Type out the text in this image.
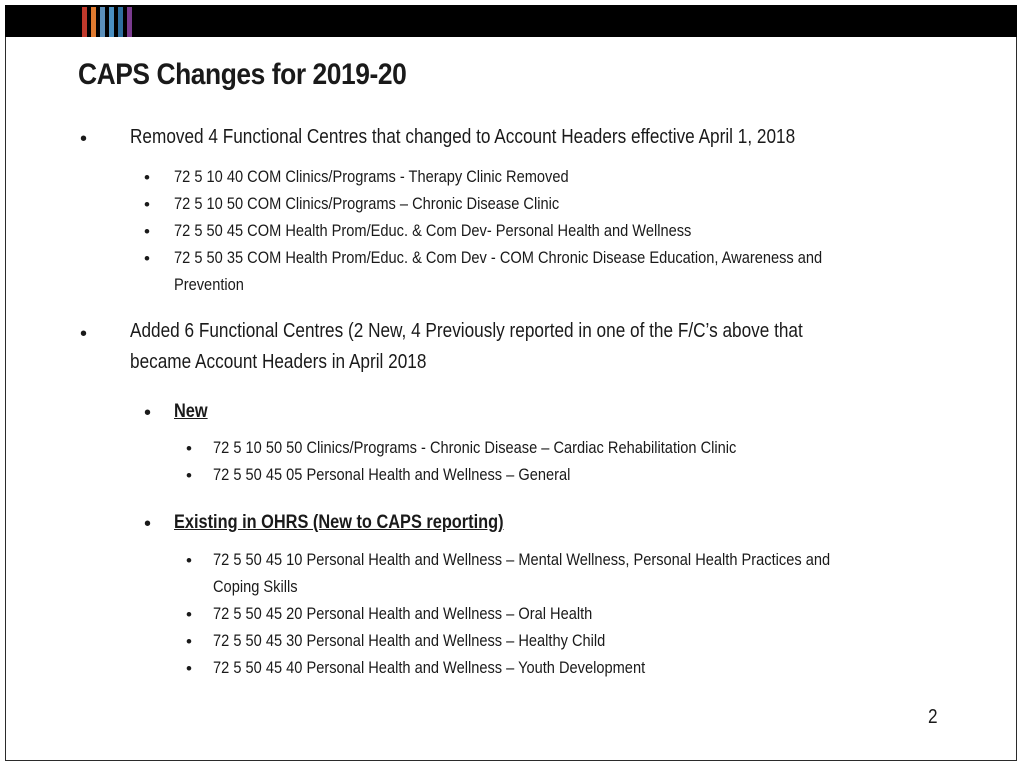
CAPS Changes for 2019-20
• Removed 4 Functional Centres that changed to Account Headers effective April 1, 2018
• 72 5 10 40 COM Clinics/Programs - Therapy Clinic Removed
• 72 5 10 50 COM Clinics/Programs – Chronic Disease Clinic
• 72 5 50 45 COM Health Prom/Educ. & Com Dev- Personal Health and Wellness
• 72 5 50 35 COM Health Prom/Educ. & Com Dev - COM Chronic Disease Education, Awareness and
Prevention
• Added 6 Functional Centres (2 New, 4 Previously reported in one of the F/C’s above that
became Account Headers in April 2018
• New
• 72 5 10 50 50 Clinics/Programs - Chronic Disease – Cardiac Rehabilitation Clinic
• 72 5 50 45 05 Personal Health and Wellness – General
• Existing in OHRS (New to CAPS reporting)
• 72 5 50 45 10 Personal Health and Wellness – Mental Wellness, Personal Health Practices and
Coping Skills
• 72 5 50 45 20 Personal Health and Wellness – Oral Health
• 72 5 50 45 30 Personal Health and Wellness – Healthy Child
• 72 5 50 45 40 Personal Health and Wellness – Youth Development
2
